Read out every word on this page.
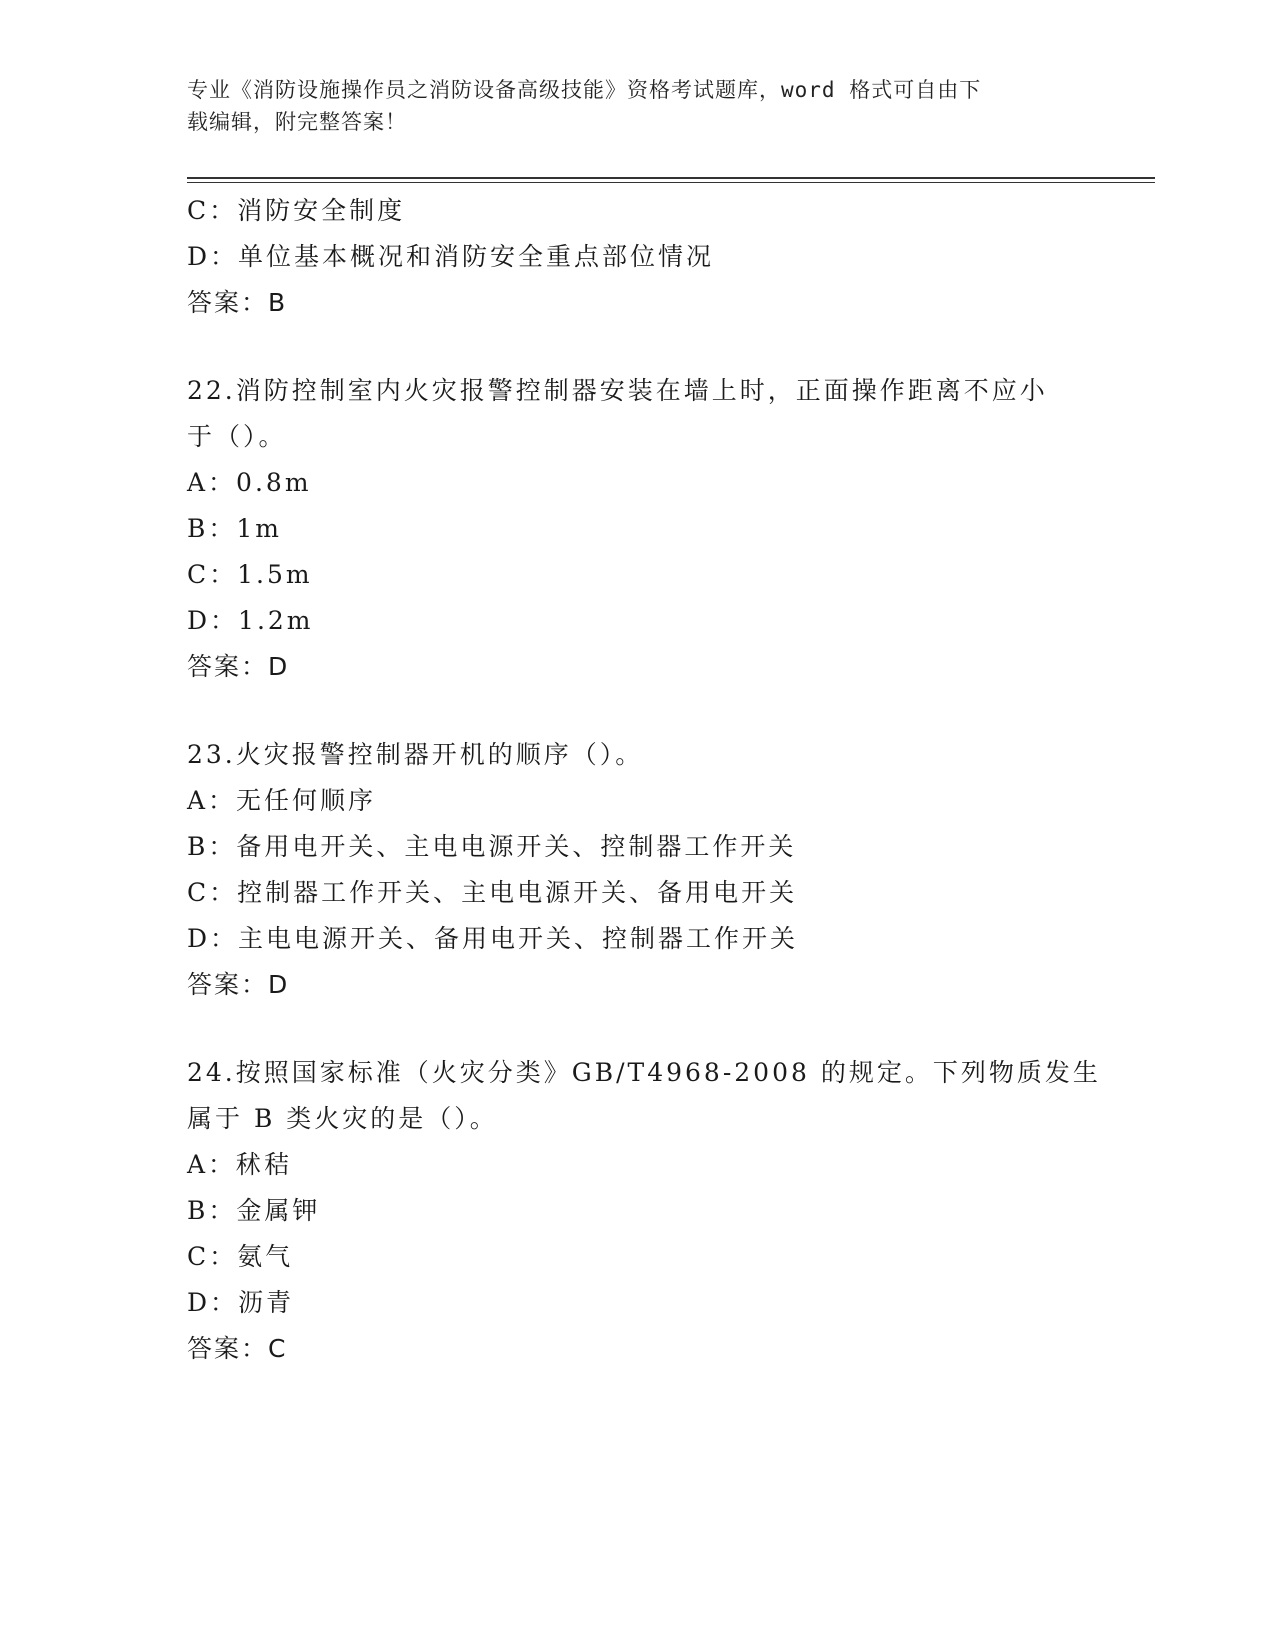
专业《消防设施操作员之消防设备高级技能》资格考试题库，word 格式可自由下
载编辑，附完整答案！
C：消防安全制度
D：单位基本概况和消防安全重点部位情况
答案：B
22.消防控制室内火灾报警控制器安装在墙上时，正面操作距离不应小
于（）。
A：0.8m
B：1m
C：1.5m
D：1.2m
答案：D
23.火灾报警控制器开机的顺序（）。
A：无任何顺序
B：备用电开关、主电电源开关、控制器工作开关
C：控制器工作开关、主电电源开关、备用电开关
D：主电电源开关、备用电开关、控制器工作开关
答案：D
24.按照国家标准（火灾分类》GB/T4968-2008 的规定。下列物质发生
属于 B 类火灾的是（）。
A：秫秸
B：金属钾
C：氨气
D：沥青
答案：C
